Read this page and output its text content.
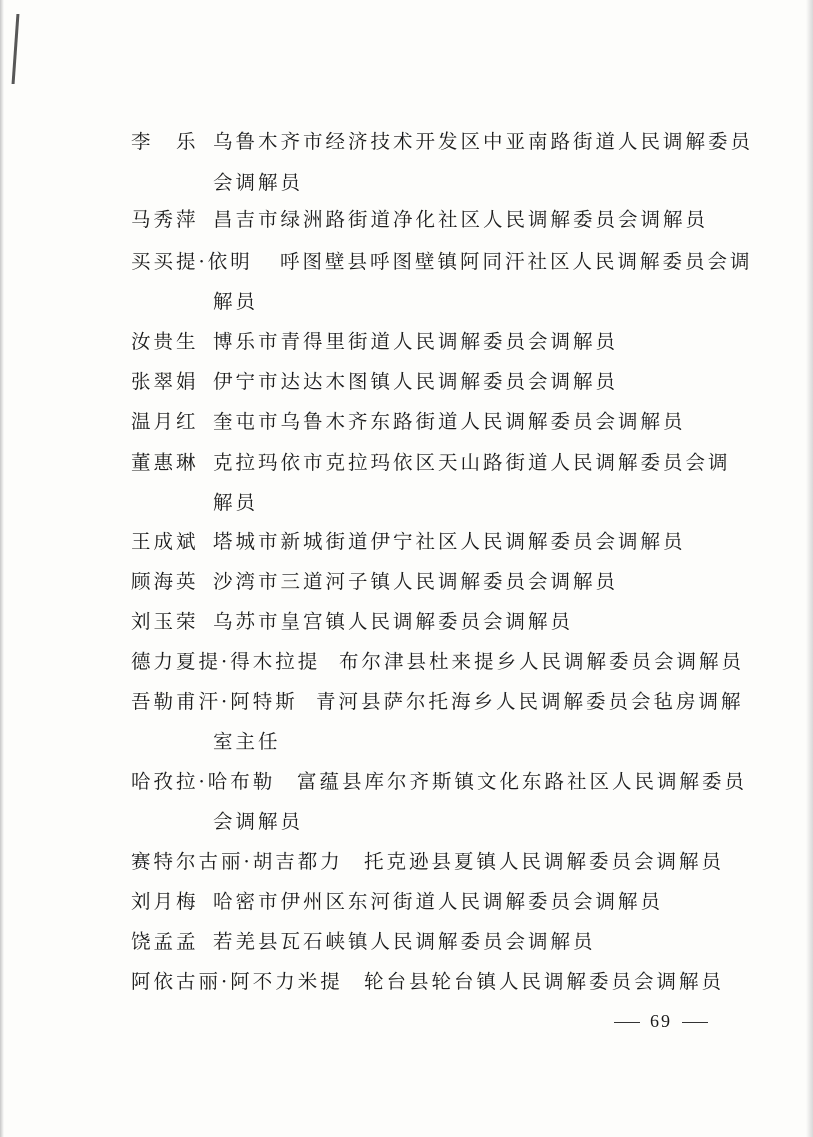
李　乐 乌鲁木齐市经济技术开发区中亚南路街道人民调解委员
会调解员
马秀萍 昌吉市绿洲路街道净化社区人民调解委员会调解员
买买提·依明 呼图壁县呼图壁镇阿同汗社区人民调解委员会调
解员
汝贵生 博乐市青得里街道人民调解委员会调解员
张翠娟 伊宁市达达木图镇人民调解委员会调解员
温月红 奎屯市乌鲁木齐东路街道人民调解委员会调解员
董惠琳 克拉玛依市克拉玛依区天山路街道人民调解委员会调
解员
王成斌 塔城市新城街道伊宁社区人民调解委员会调解员
顾海英 沙湾市三道河子镇人民调解委员会调解员
刘玉荣 乌苏市皇宫镇人民调解委员会调解员
德力夏提·得木拉提 布尔津县杜来提乡人民调解委员会调解员
吾勒甫汗·阿特斯 青河县萨尔托海乡人民调解委员会毡房调解
室主任
哈孜拉·哈布勒 富蕴县库尔齐斯镇文化东路社区人民调解委员
会调解员
赛特尔古丽·胡吉都力 托克逊县夏镇人民调解委员会调解员
刘月梅 哈密市伊州区东河街道人民调解委员会调解员
饶孟孟 若羌县瓦石峡镇人民调解委员会调解员
阿依古丽·阿不力米提 轮台县轮台镇人民调解委员会调解员
69
